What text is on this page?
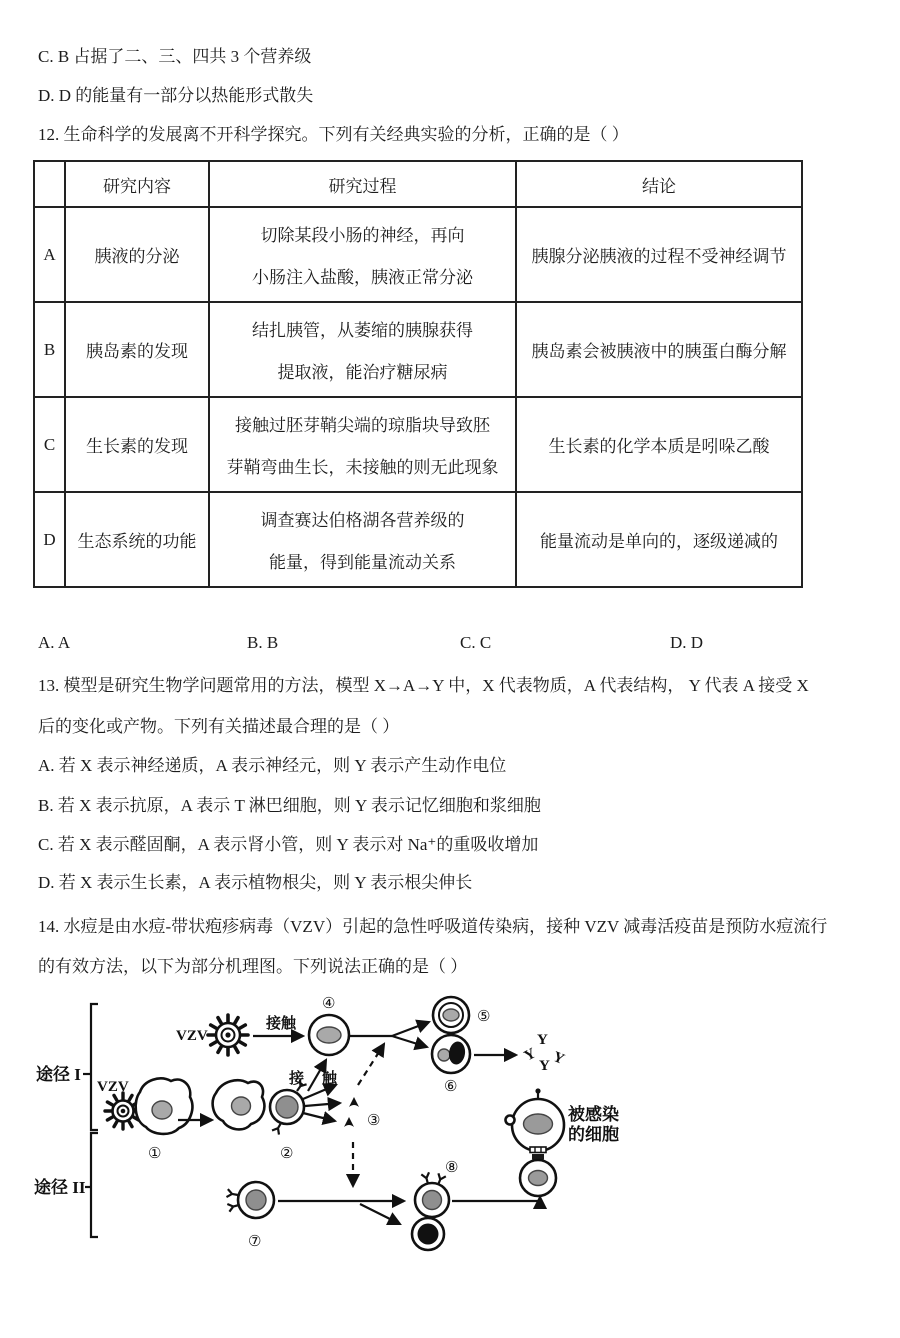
C. B 占据了二、三、四共 3 个营养级
D. D 的能量有一部分以热能形式散失
12. 生命科学的发展离不开科学探究。下列有关经典实验的分析，正确的是（ ）
	研究内容	研究过程	结论
A	胰液的分泌	切除某段小肠的神经，再向
小肠注入盐酸，胰液正常分泌	胰腺分泌胰液的过程不受神经调节
B	胰岛素的发现	结扎胰管，从萎缩的胰腺获得
提取液，能治疗糖尿病	胰岛素会被胰液中的胰蛋白酶分解
C	生长素的发现	接触过胚芽鞘尖端的琼脂块导致胚
芽鞘弯曲生长，未接触的则无此现象	生长素的化学本质是吲哚乙酸
D	生态系统的功能	调查赛达伯格湖各营养级的
能量，得到能量流动关系	能量流动是单向的，逐级递减的
A. A	B. B	C. C	D. D
13. 模型是研究生物学问题常用的方法，模型 X→A→Y 中，X 代表物质，A 代表结构， Y 代表 A 接受 X
后的变化或产物。下列有关描述最合理的是（ ）
A. 若 X 表示神经递质，A 表示神经元，则 Y 表示产生动作电位
B. 若 X 表示抗原，A 表示 T 淋巴细胞，则 Y 表示记忆细胞和浆细胞
C. 若 X 表示醛固酮，A 表示肾小管，则 Y 表示对 Na⁺的重吸收增加
D. 若 X 表示生长素，A 表示植物根尖，则 Y 表示根尖伸长
14. 水痘是由水痘-带状疱疹病毒（VZV）引起的急性呼吸道传染病，接种 VZV 减毒活疫苗是预防水痘流行
的有效方法，以下为部分机理图。下列说法正确的是（ ）
途径 I
途径 II
VZV
接触
④
⑤
⑥
Y
Y
Y Y
VZV
①	②
接 触
③
⑦
⑧
被感染
的细胞
